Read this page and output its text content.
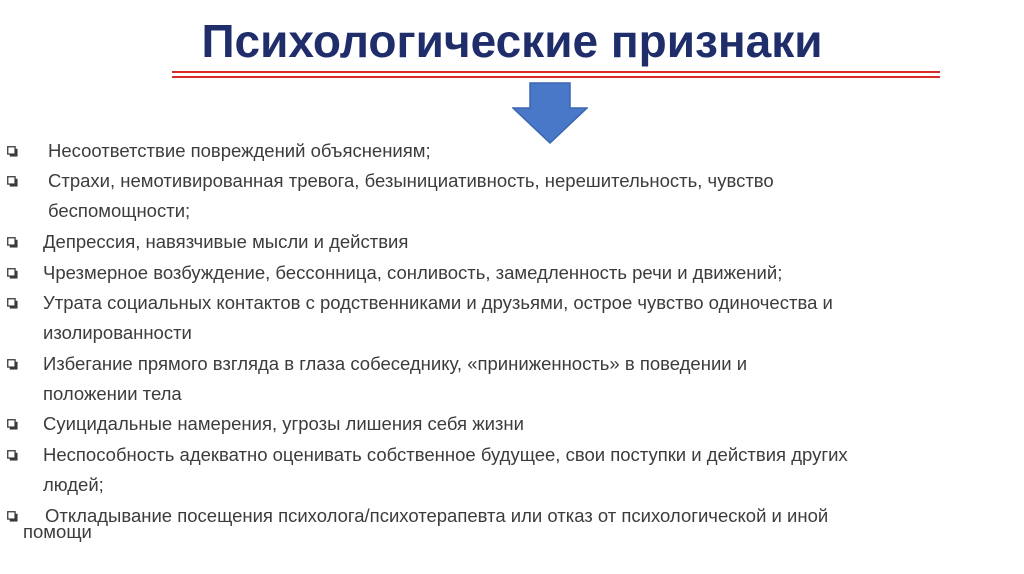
Психологические признаки
Несоответствие повреждений объяснениям;
Страхи, немотивированная тревога, безынициативность, нерешительность, чувство
беспомощности;
Депрессия, навязчивые мысли и действия
Чрезмерное возбуждение, бессонница, сонливость, замедленность речи и движений;
Утрата социальных контактов с родственниками и друзьями, острое чувство одиночества и
изолированности
Избегание прямого взгляда в глаза собеседнику, «приниженность» в поведении и
положении тела
Суицидальные намерения, угрозы лишения себя жизни
Неспособность адекватно оценивать собственное будущее, свои поступки и действия других
людей;
Откладывание посещения психолога/психотерапевта или отказ от психологической и иной
помощи
